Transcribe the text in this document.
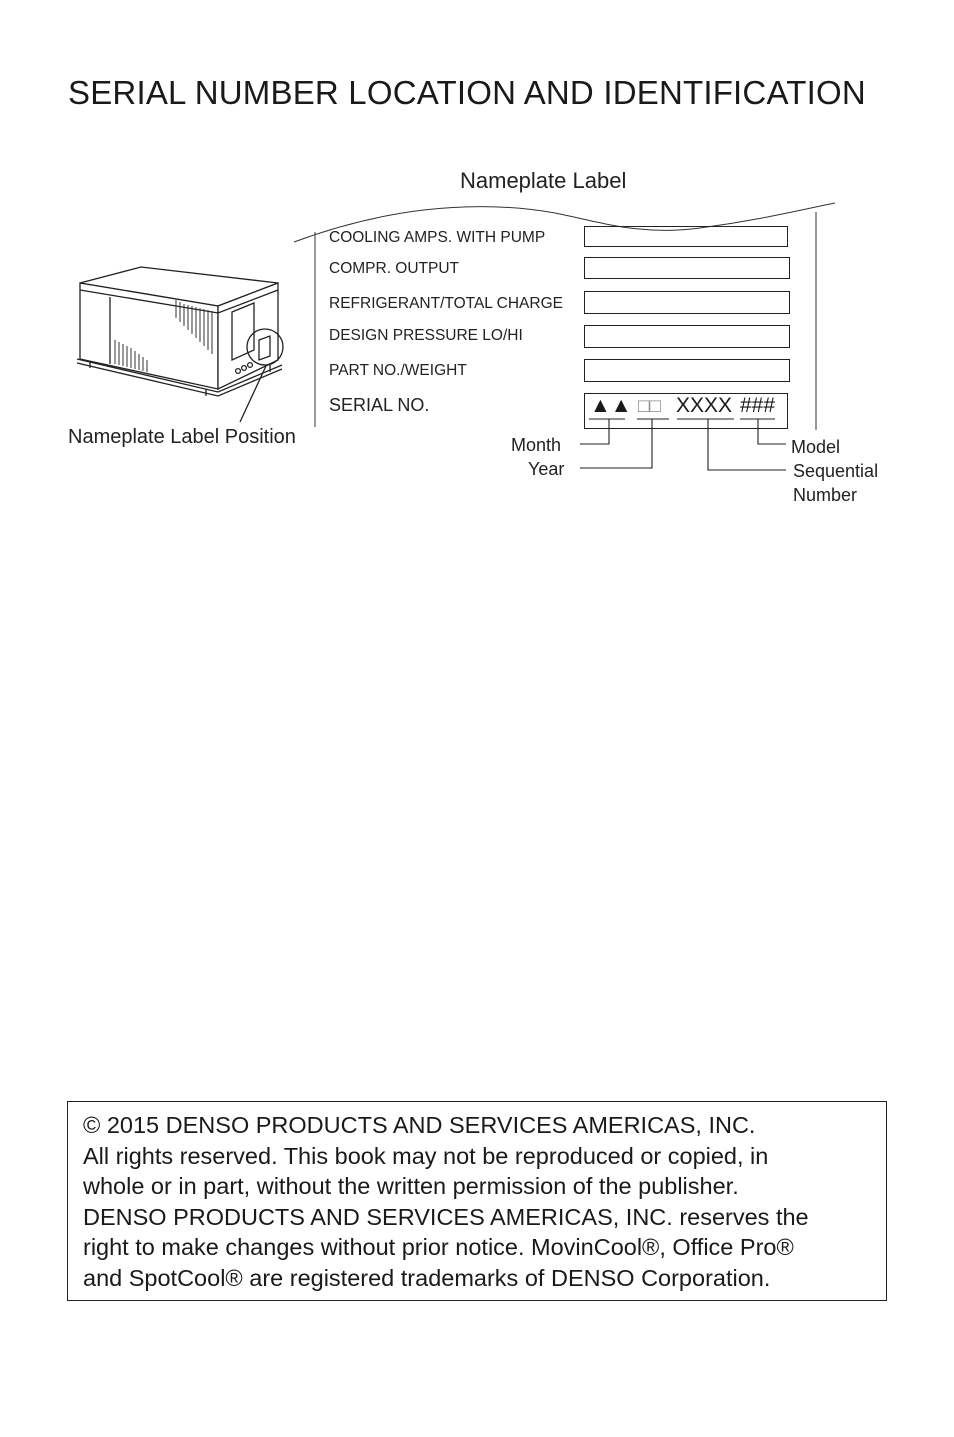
SERIAL NUMBER LOCATION AND IDENTIFICATION
Nameplate Label
COOLING AMPS. WITH PUMP
COMPR. OUTPUT
REFRIGERANT/TOTAL CHARGE
DESIGN PRESSURE LO/HI
PART NO./WEIGHT
SERIAL NO.	▲▲ □□ XXXX ###
Nameplate Label Position	Month
Year
Model
Sequential
Number
© 2015 DENSO PRODUCTS AND SERVICES AMERICAS, INC.
All rights reserved. This book may not be reproduced or copied, in
whole or in part, without the written permission of the publisher.
DENSO PRODUCTS AND SERVICES AMERICAS, INC. reserves the
right to make changes without prior notice. MovinCool®, Office Pro®
and SpotCool® are registered trademarks of DENSO Corporation.
